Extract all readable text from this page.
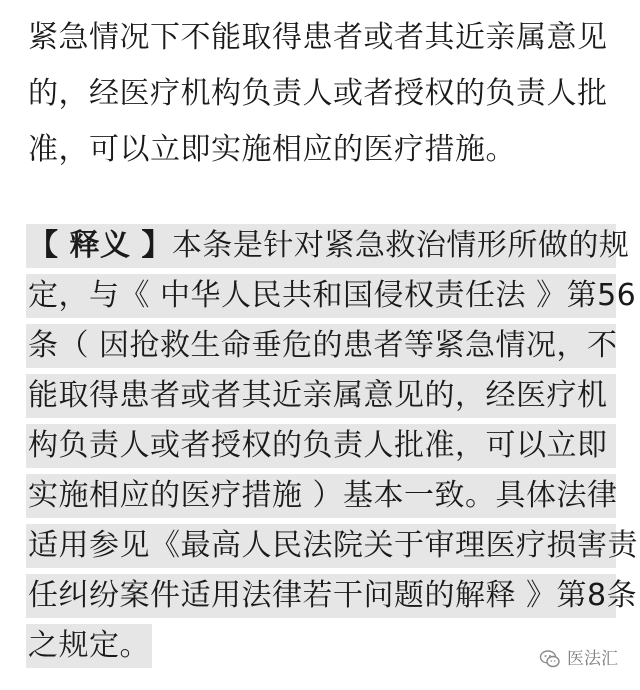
紧急情况下不能取得患者或者其近亲属意见
的，经医疗机构负责人或者授权的负责人批
准，可以立即实施相应的医疗措施。
【 释义 】本条是针对紧急救治情形所做的规
定，与《 中华人民共和国侵权责任法 》第56
条（ 因抢救生命垂危的患者等紧急情况，不
能取得患者或者其近亲属意见的，经医疗机
构负责人或者授权的负责人批准，可以立即
实施相应的医疗措施 ）基本一致。具体法律
适用参见《最高人民法院关于审理医疗损害责
任纠纷案件适用法律若干问题的解释 》第8条
之规定。	医法汇
